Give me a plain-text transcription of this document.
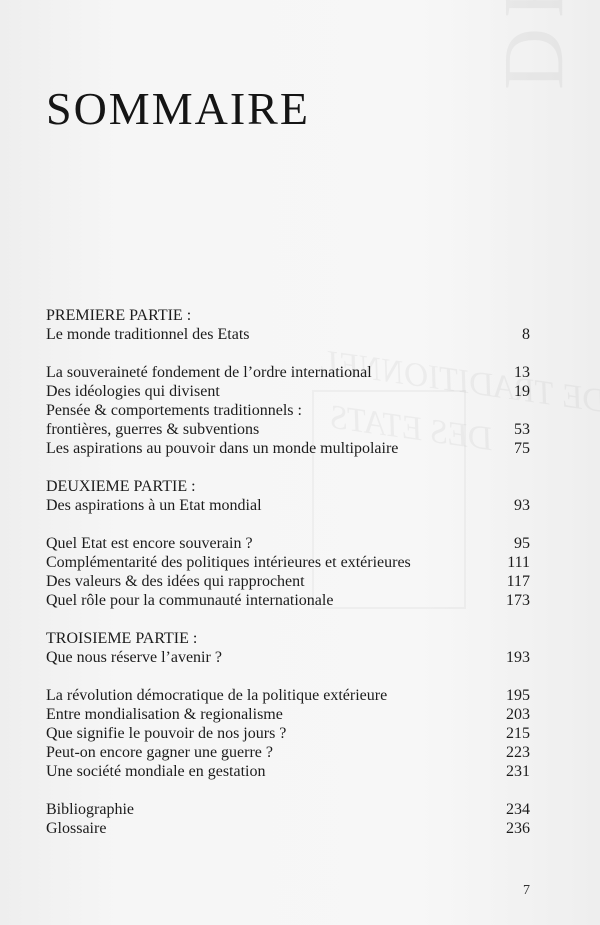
SOMMAIRE
PREMIERE PARTIE :
Le monde traditionnel des Etats	8
La souveraineté fondement de l’ordre international	13
Des idéologies qui divisent	19
Pensée & comportements traditionnels :
frontières, guerres & subventions	53
Les aspirations au pouvoir dans un monde multipolaire	75
DEUXIEME PARTIE :
Des aspirations à un Etat mondial	93
Quel Etat est encore souverain ?	95
Complémentarité des politiques intérieures et extérieures	111
Des valeurs & des idées qui rapprochent	117
Quel rôle pour la communauté internationale	173
TROISIEME PARTIE :
Que nous réserve l’avenir ?	193
La révolution démocratique de la politique extérieure	195
Entre mondialisation & regionalisme	203
Que signifie le pouvoir de nos jours ?	215
Peut-on encore gagner une guerre ?	223
Une société mondiale en gestation	231
Bibliographie	234
Glossaire	236
7
